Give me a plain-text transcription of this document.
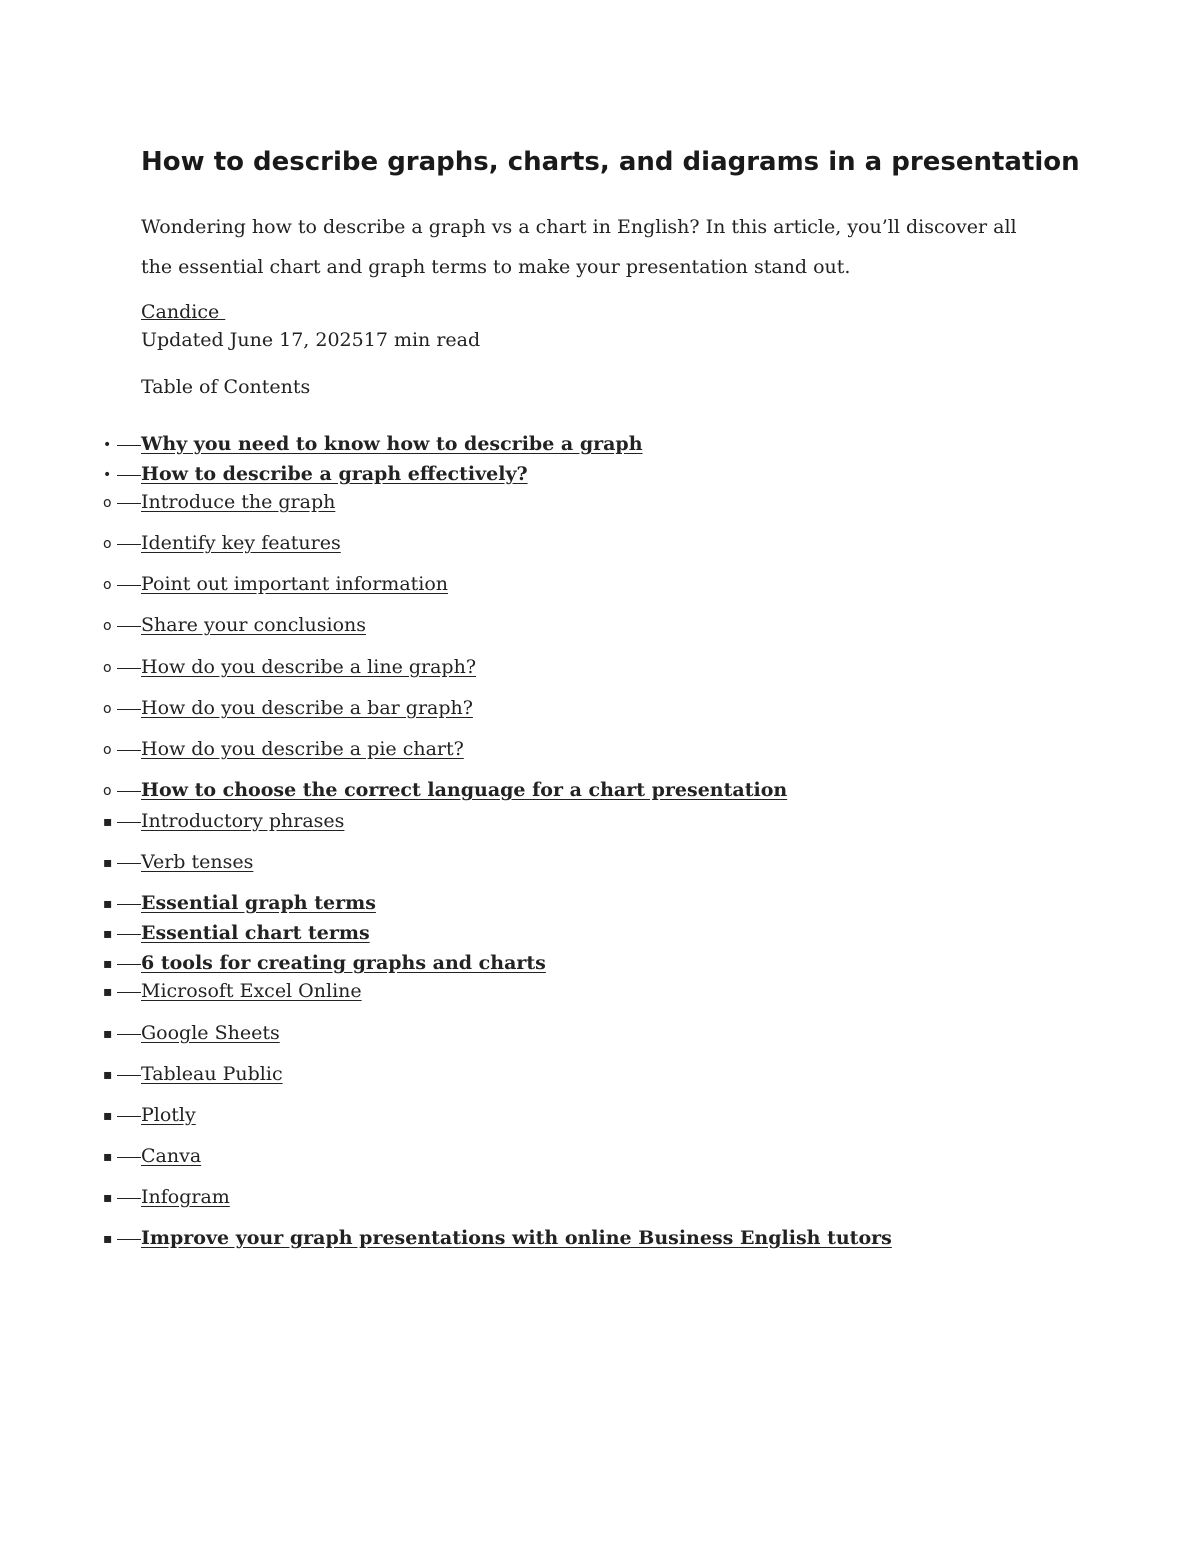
How to describe graphs, charts, and diagrams in a presentation

Wondering how to describe a graph vs a chart in English? In this article, you’ll discover all the essential chart and graph terms to make your presentation stand out.

Candice
Updated June 17, 202517 min read
Table of Contents
• Why you need to know how to describe a graph
• How to describe a graph effectively?
o Introduce the graph
o Identify key features
o Point out important information
o Share your conclusions
o How do you describe a line graph?
o How do you describe a bar graph?
o How do you describe a pie chart?
o How to choose the correct language for a chart presentation
▪ Introductory phrases
▪ Verb tenses
▪ Essential graph terms
▪ Essential chart terms
▪ 6 tools for creating graphs and charts
▪ Microsoft Excel Online
▪ Google Sheets
▪ Tableau Public
▪ Plotly
▪ Canva
▪ Infogram
▪ Improve your graph presentations with online Business English tutors
